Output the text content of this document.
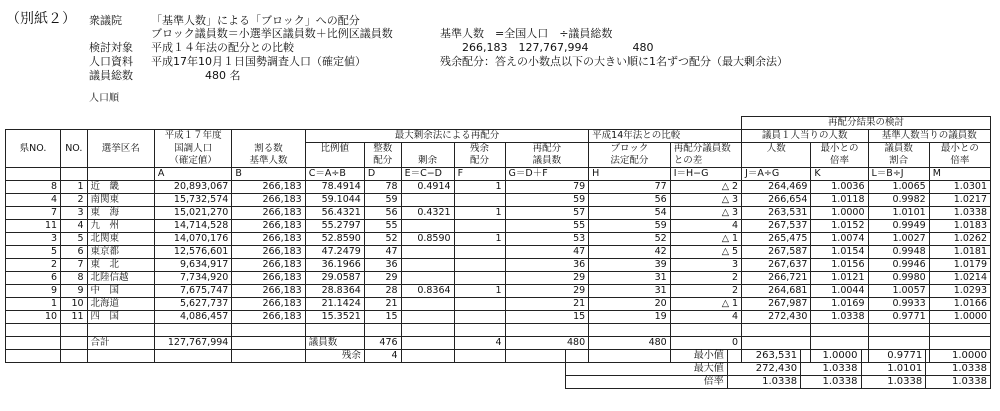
（別紙２） 衆議院	「基準人数」による「ブロック」への配分
ブロック議員数＝小選挙区議員数＋比例区議員数	基準人数　=全国人口　÷議員総数
検討対象 平成１４年法の配分との比較	266,183　127,767,994　　　　480
人口資料 平成17年10月１日国勢調査人口（確定値）	残余配分：答えの小数点以下の大きい順に1名ずつ配分（最大剰余法）
議員総数	480 名
人口順
												再配分結果の検討			
			平成１７年度		最大剰余法による再配分					平成14年法との比較		議員１人当りの人数		基準人数当りの議員数	
県NO.	NO.	選挙区名	国調人口	割る数	比例値	整数		残余	再配分	ブロック	再配分議員数	人数	最小との	議員数	最小との
			（確定値）	基準人数		配分	剰余	配分	議員数	法定配分	との差		倍率	割合	倍率
			A	B	C＝A÷B	D	E＝C−D	F	G＝D＋F	H	I＝H−G	J＝A÷G	K	L＝B÷J	M
8	1	近　畿	20,893,067	266,183	78.4914	78	0.4914	1	79	77	△ 2	264,469	1.0036	1.0065	1.0301
4	2	南関東	15,732,574	266,183	59.1044	59			59	56	△ 3	266,654	1.0118	0.9982	1.0217
7	3	東　海	15,021,270	266,183	56.4321	56	0.4321	1	57	54	△ 3	263,531	1.0000	1.0101	1.0338
11	4	九　州	14,714,528	266,183	55.2797	55			55	59	4	267,537	1.0152	0.9949	1.0183
3	5	北関東	14,070,176	266,183	52.8590	52	0.8590	1	53	52	△ 1	265,475	1.0074	1.0027	1.0262
5	6	東京都	12,576,601	266,183	47.2479	47			47	42	△ 5	267,587	1.0154	0.9948	1.0181
2	7	東　北	9,634,917	266,183	36.1966	36			36	39	3	267,637	1.0156	0.9946	1.0179
6	8	北陸信越	7,734,920	266,183	29.0587	29			29	31	2	266,721	1.0121	0.9980	1.0214
9	9	中　国	7,675,747	266,183	28.8364	28	0.8364	1	29	31	2	264,681	1.0044	1.0057	1.0293
1	10	北海道	5,627,737	266,183	21.1424	21			21	20	△ 1	267,987	1.0169	0.9933	1.0166
10	11	四　国	4,086,457	266,183	15.3521	15			15	19	4	272,430	1.0338	0.9771	1.0000

		合計	127,767,994		議員数	476		4	480	480	0				
					残余	4										最小値	263,531	1.0000	0.9771	1.0000
最大値	272,430	1.0338	1.0101	1.0338
倍率	1.0338	1.0338	1.0338	1.0338
